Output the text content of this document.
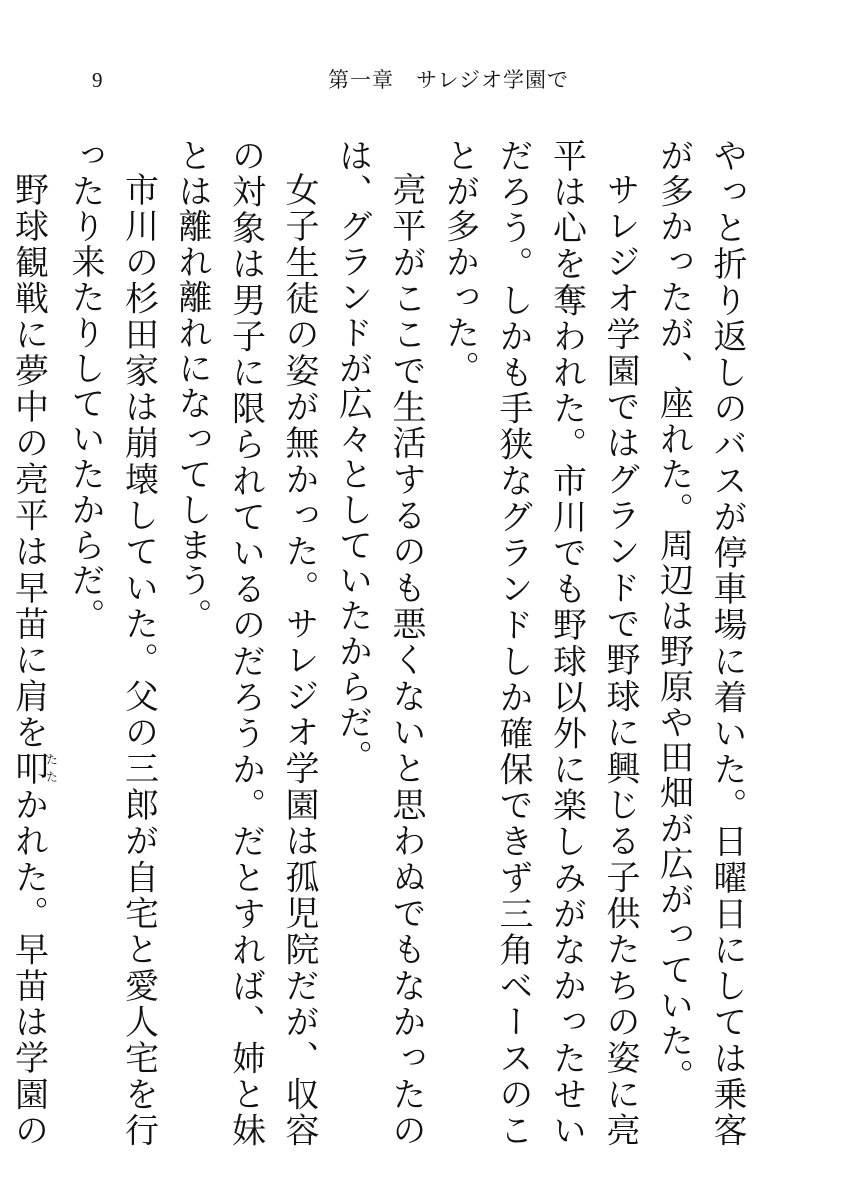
9	第一章　サレジオ学園で

やっと折り返しのバスが停車場に着いた。日曜日にしては乗客が多かったが、座れた。周辺は野原や田畑が広がっていた。

サレジオ学園ではグランドで野球に興じる子供たちの姿に亮平は心を奪われた。市川でも野球以外に楽しみがなかったせいだろう。しかも手狭なグランドしか確保できず三角ベースのことが多かった。

亮平がここで生活するのも悪くないと思わぬでもなかったのは、グランドが広々としていたからだ。

女子生徒の姿が無かった。サレジオ学園は孤児院だが、収容の対象は男子に限られているのだろうか。だとすれば、姉と妹とは離れ離れになってしまう。

市川の杉田家は崩壊していた。父の三郎が自宅と愛人宅を行ったり来たりしていたからだ。

野球観戦に夢中の亮平は早苗に肩を叩たたかれた。早苗は学園の
